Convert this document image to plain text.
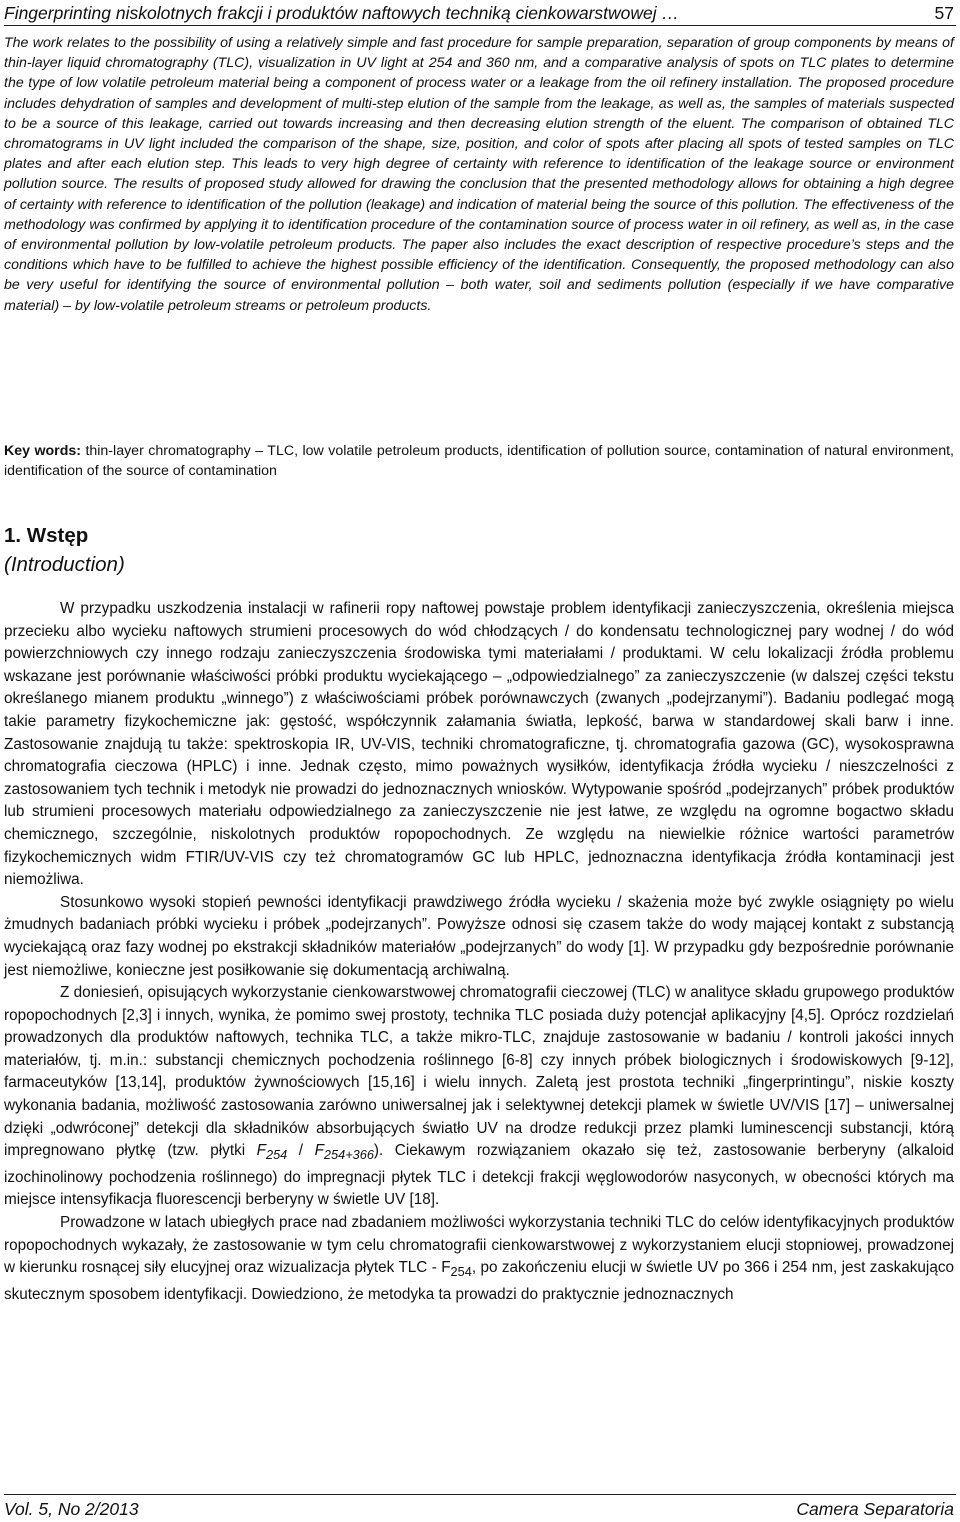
Fingerprinting niskolotnych frakcji i produktów naftowych techniką cienkowarstwowej …	57

The work relates to the possibility of using a relatively simple and fast procedure for sample preparation, separation of group components by means of thin-layer liquid chromatography (TLC), visualization in UV light at 254 and 360 nm, and a comparative analysis of spots on TLC plates to determine the type of low volatile petroleum material being a component of process water or a leakage from the oil refinery installation. The proposed procedure includes dehydration of samples and development of multi-step elution of the sample from the leakage, as well as, the samples of materials suspected to be a source of this leakage, carried out towards increasing and then decreasing elution strength of the eluent. The comparison of obtained TLC chromatograms in UV light included the comparison of the shape, size, position, and color of spots after placing all spots of tested samples on TLC plates and after each elution step. This leads to very high degree of certainty with reference to identification of the leakage source or environment pollution source. The results of proposed study allowed for drawing the conclusion that the presented methodology allows for obtaining a high degree of certainty with reference to identification of the pollution (leakage) and indication of material being the source of this pollution. The effectiveness of the methodology was confirmed by applying it to identification procedure of the contamination source of process water in oil refinery, as well as, in the case of environmental pollution by low-volatile petroleum products. The paper also includes the exact description of respective procedure’s steps and the conditions which have to be fulfilled to achieve the highest possible efficiency of the identification. Consequently, the proposed methodology can also be very useful for identifying the source of environmental pollution – both water, soil and sediments pollution (especially if we have comparative material) – by low-volatile petroleum streams or petroleum products.

Key words: thin-layer chromatography – TLC, low volatile petroleum products, identification of pollution source, contamination of natural environment, identification of the source of contamination

1. Wstęp
(Introduction)

W przypadku uszkodzenia instalacji w rafinerii ropy naftowej powstaje problem identyfikacji zanieczyszczenia, określenia miejsca przecieku albo wycieku naftowych strumieni procesowych do wód chłodzących / do kondensatu technologicznej pary wodnej / do wód powierzchniowych czy innego rodzaju zanieczyszczenia środowiska tymi materiałami / produktami. W celu lokalizacji źródła problemu wskazane jest porównanie właściwości próbki produktu wyciekającego – „odpowiedzialnego” za zanieczyszczenie (w dalszej części tekstu określanego mianem produktu „winnego”) z właściwościami próbek porównawczych (zwanych „podejrzanymi”). Badaniu podlegać mogą takie parametry fizykochemiczne jak: gęstość, współczynnik załamania światła, lepkość, barwa w standardowej skali barw i inne. Zastosowanie znajdują tu także: spektroskopia IR, UV-VIS, techniki chromatograficzne, tj. chromatografia gazowa (GC), wysokosprawna chromatografia cieczowa (HPLC) i inne. Jednak często, mimo poważnych wysiłków, identyfikacja źródła wycieku / nieszczelności z zastosowaniem tych technik i metodyk nie prowadzi do jednoznacznych wniosków. Wytypowanie spośród „podejrzanych” próbek produktów lub strumieni procesowych materiału odpowiedzialnego za zanieczyszczenie nie jest łatwe, ze względu na ogromne bogactwo składu chemicznego, szczególnie, niskolotnych produktów ropopochodnych. Ze względu na niewielkie różnice wartości parametrów fizykochemicznych widm FTIR/UV-VIS czy też chromatogramów GC lub HPLC, jednoznaczna identyfikacja źródła kontaminacji jest niemożliwa.

Stosunkowo wysoki stopień pewności identyfikacji prawdziwego źródła wycieku / skażenia może być zwykle osiągnięty po wielu żmudnych badaniach próbki wycieku i próbek „podejrzanych”. Powyższe odnosi się czasem także do wody mającej kontakt z substancją wyciekającą oraz fazy wodnej po ekstrakcji składników materiałów „podejrzanych” do wody [1]. W przypadku gdy bezpośrednie porównanie jest niemożliwe, konieczne jest posiłkowanie się dokumentacją archiwalną.

Z doniesień, opisujących wykorzystanie cienkowarstwowej chromatografii cieczowej (TLC) w analityce składu grupowego produktów ropopochodnych [2,3] i innych, wynika, że pomimo swej prostoty, technika TLC posiada duży potencjał aplikacyjny [4,5]. Oprócz rozdzielań prowadzonych dla produktów naftowych, technika TLC, a także mikro-TLC, znajduje zastosowanie w badaniu / kontroli jakości innych materiałów, tj. m.in.: substancji chemicznych pochodzenia roślinnego [6-8] czy innych próbek biologicznych i środowiskowych [9-12], farmaceutyków [13,14], produktów żywnościowych [15,16] i wielu innych. Zaletą jest prostota techniki „fingerprintingu”, niskie koszty wykonania badania, możliwość zastosowania zarówno uniwersalnej jak i selektywnej detekcji plamek w świetle UV/VIS [17] – uniwersalnej dzięki „odwróconej” detekcji dla składników absorbujących światło UV na drodze redukcji przez plamki luminescencji substancji, którą impregnowano płytkę (tzw. płytki $F_{254} / F_{254+366}$). Ciekawym rozwiązaniem okazało się też, zastosowanie berberyny (alkaloid izochinolinowy pochodzenia roślinnego) do impregnacji płytek TLC i detekcji frakcji węglowodorów nasyconych, w obecności których ma miejsce intensyfikacja fluorescencji berberyny w świetle UV [18].

Prowadzone w latach ubiegłych prace nad zbadaniem możliwości wykorzystania techniki TLC do celów identyfikacyjnych produktów ropopochodnych wykazały, że zastosowanie w tym celu chromatografii cienkowarstwowej z wykorzystaniem elucji stopniowej, prowadzonej w kierunku rosnącej siły elucyjnej oraz wizualizacja płytek TLC - $F_{254}$, po zakończeniu elucji w świetle UV po 366 i 254 nm, jest zaskakująco skutecznym sposobem identyfikacji. Dowiedziono, że metodyka ta prowadzi do praktycznie jednoznacznych

Vol. 5, No 2/2013	Camera Separatoria
